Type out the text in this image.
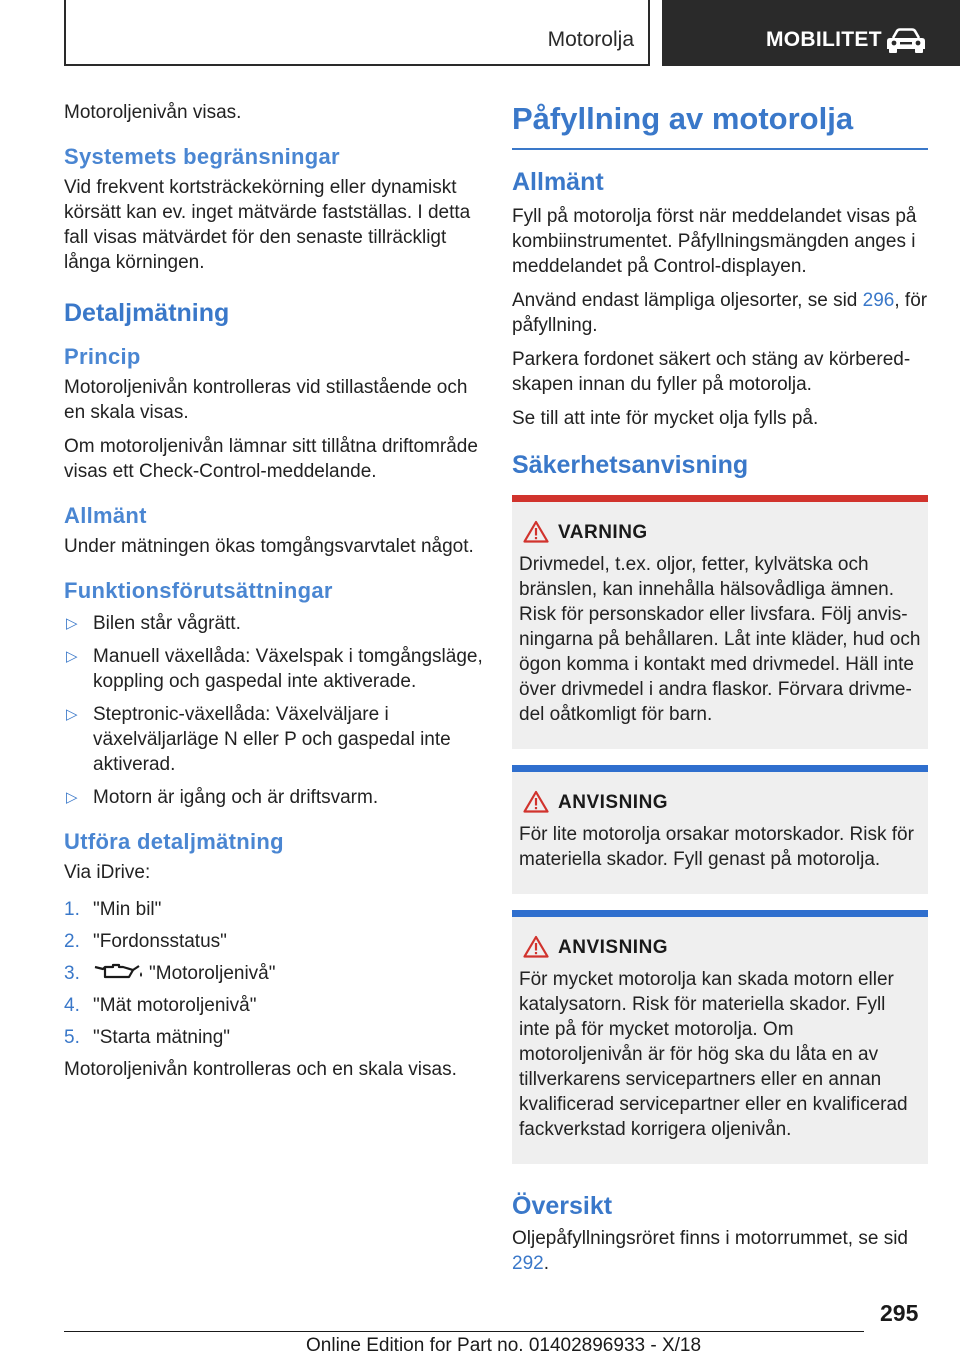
Motorolja	MOBILITET

Motoroljenivån visas.

Systemets begränsningar

Vid frekvent kortsträckekörning eller dynamiskt körsätt kan ev. inget mätvärde fastställas. I detta fall visas mätvärdet för den senaste tillräckligt långa körningen.

Detaljmätning
Princip

Motoroljenivån kontrolleras vid stillastående och en skala visas.

Om motoroljenivån lämnar sitt tillåtna driftområde visas ett Check-Control-meddelande.

Allmänt

Under mätningen ökas tomgångsvarvtalet något.

Funktionsförutsättningar
▷ Bilen står vågrätt.
▷ Manuell växellåda: Växelspak i tomgångsläge, koppling och gaspedal inte aktiverade.
▷ Steptronic-växellåda: Växelväljare i växelväljarläge N eller P och gaspedal inte aktiverad.
▷ Motorn är igång och är driftsvarm.
Utföra detaljmätning

Via iDrive:

1. "Min bil"
2. "Fordonsstatus"
3.	"Motoroljenivå"
4. "Mät motoroljenivå"
5. "Starta mätning"

Motoroljenivån kontrolleras och en skala visas.

Påfyllning av motorolja
Allmänt

Fyll på motorolja först när meddelandet visas på kombiinstrumentet. Påfyllningsmängden anges i meddelandet på Control-displayen.

Använd endast lämpliga oljesorter, se sid 296, för påfyllning.

Parkera fordonet säkert och stäng av körberedskapen innan du fyller på motorolja.

Se till att inte för mycket olja fylls på.

Säkerhetsanvisning
VARNING
Drivmedel, t.ex. oljor, fetter, kylvätska och bränslen, kan innehålla hälsovådliga ämnen. Risk för personskador eller livsfara. Följ anvisningarna på behållaren. Låt inte kläder, hud och ögon komma i kontakt med drivmedel. Häll inte över drivmedel i andra flaskor. Förvara drivmedel oåtkomligt för barn.
ANVISNING
För lite motorolja orsakar motorskador. Risk för materiella skador. Fyll genast på motorolja.
ANVISNING
För mycket motorolja kan skada motorn eller katalysatorn. Risk för materiella skador. Fyll inte på för mycket motorolja. Om motoroljenivån är för hög ska du låta en av tillverkarens servicepartners eller en annan kvalificerad servicepartner eller en kvalificerad fackverkstad korrigera oljenivån.
Översikt

Oljepåfyllningsröret finns i motorrummet, se sid 292.

295
Online Edition for Part no. 01402896933 - X/18
